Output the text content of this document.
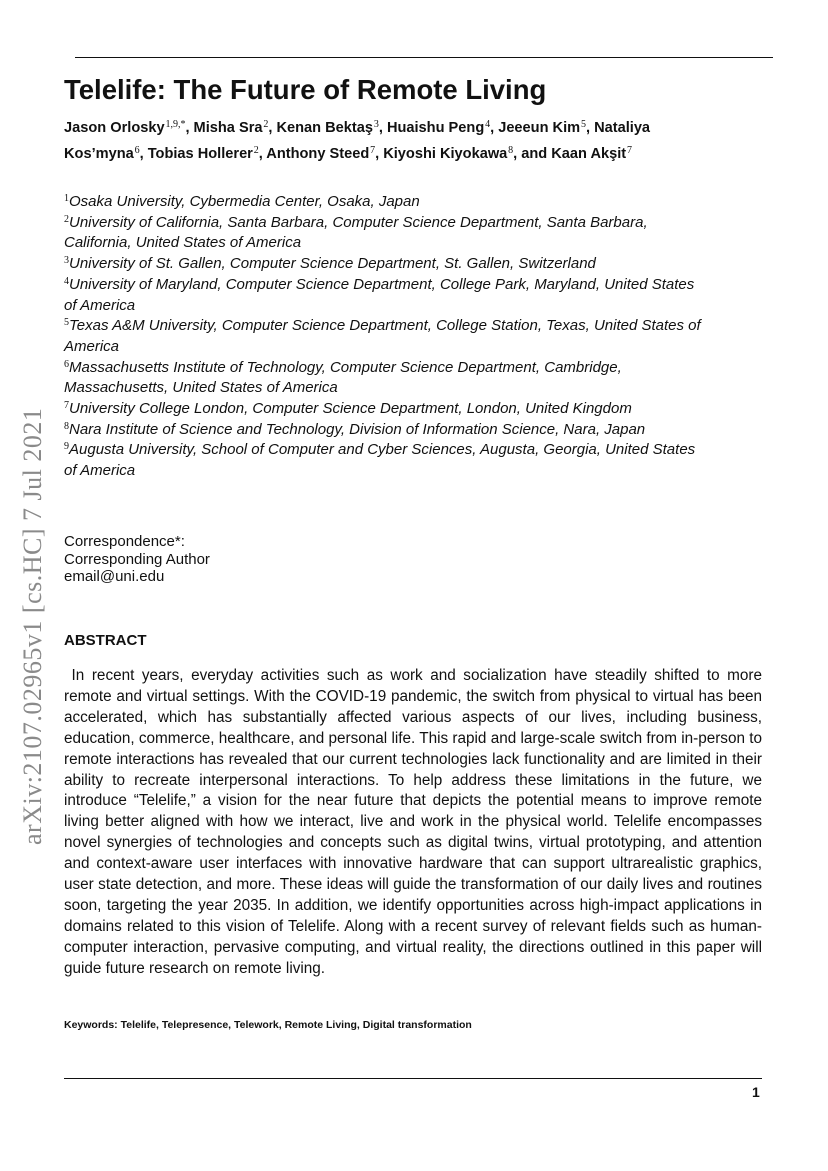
arXiv:2107.02965v1 [cs.HC] 7 Jul 2021
Telelife: The Future of Remote Living
Jason Orlosky $^{1,9,*}$, Misha Sra $^2$, Kenan Bektaş $^3$, Huaishu Peng $^4$, Jeeeun Kim $^5$, Nataliya Kos’myna $^6$, Tobias Hollerer $^2$, Anthony Steed $^7$, Kiyoshi Kiyokawa $^8$, and Kaan Akşit $^7$
$^1$Osaka University, Cybermedia Center, Osaka, Japan
$^2$University of California, Santa Barbara, Computer Science Department, Santa Barbara, California, United States of America
$^3$University of St. Gallen, Computer Science Department, St. Gallen, Switzerland
$^4$University of Maryland, Computer Science Department, College Park, Maryland, United States of America
$^5$Texas A&M University, Computer Science Department, College Station, Texas, United States of America
$^6$Massachusetts Institute of Technology, Computer Science Department, Cambridge, Massachusetts, United States of America
$^7$University College London, Computer Science Department, London, United Kingdom
$^8$Nara Institute of Science and Technology, Division of Information Science, Nara, Japan
$^9$Augusta University, School of Computer and Cyber Sciences, Augusta, Georgia, United States of America
Correspondence*:
Corresponding Author
email@uni.edu
ABSTRACT

In recent years, everyday activities such as work and socialization have steadily shifted to more remote and virtual settings. With the COVID-19 pandemic, the switch from physical to virtual has been accelerated, which has substantially affected various aspects of our lives, including business, education, commerce, healthcare, and personal life. This rapid and large-scale switch from in-person to remote interactions has revealed that our current technologies lack functionality and are limited in their ability to recreate interpersonal interactions. To help address these limitations in the future, we introduce “Telelife,” a vision for the near future that depicts the potential means to improve remote living better aligned with how we interact, live and work in the physical world. Telelife encompasses novel synergies of technologies and concepts such as digital twins, virtual prototyping, and attention and context-aware user interfaces with innovative hardware that can support ultrarealistic graphics, user state detection, and more. These ideas will guide the transformation of our daily lives and routines soon, targeting the year 2035. In addition, we identify opportunities across high-impact applications in domains related to this vision of Telelife. Along with a recent survey of relevant fields such as human-computer interaction, pervasive computing, and virtual reality, the directions outlined in this paper will guide future research on remote living.

Keywords: Telelife, Telepresence, Telework, Remote Living, Digital transformation
1
